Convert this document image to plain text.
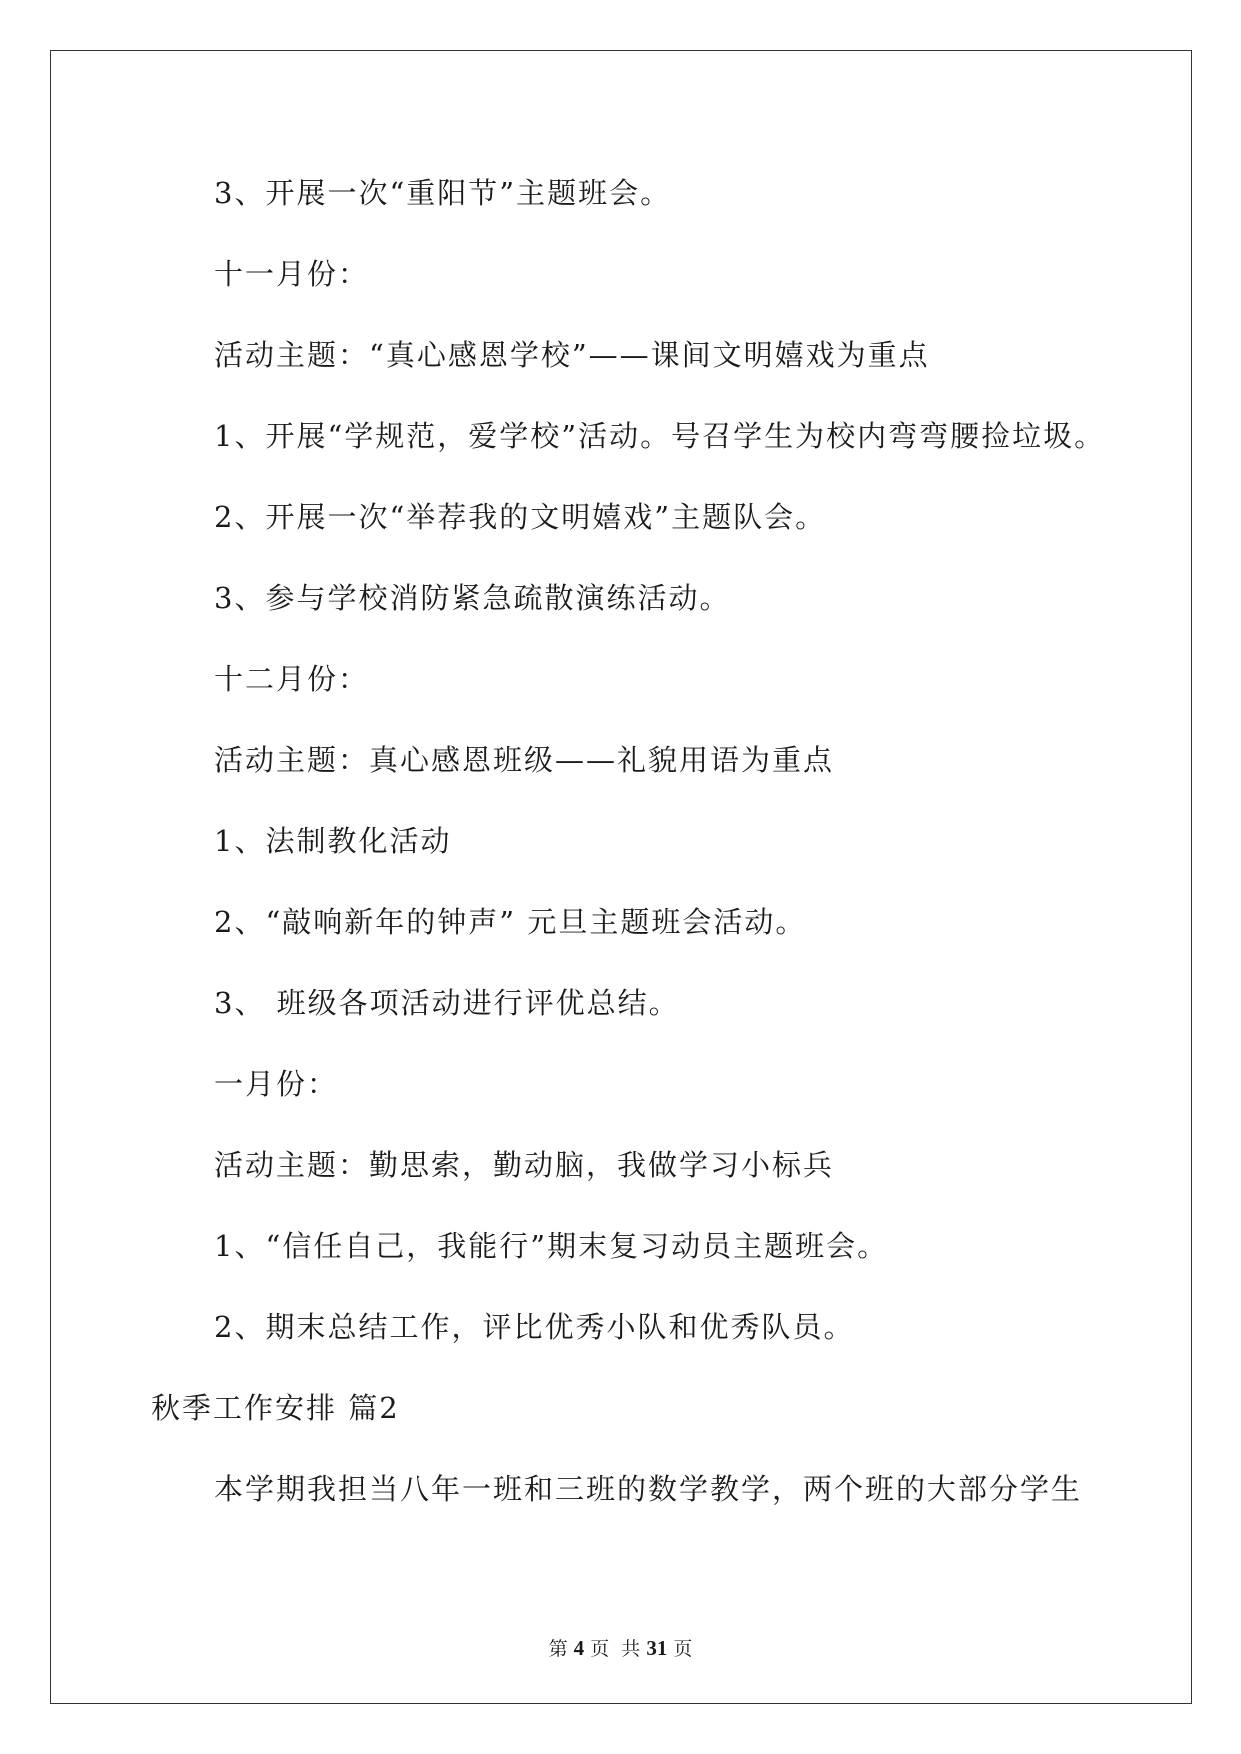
3、开展一次“重阳节”主题班会。
十一月份：
活动主题：“真心感恩学校”——课间文明嬉戏为重点
1、开展“学规范，爱学校”活动。号召学生为校内弯弯腰捡垃圾。
2、开展一次“举荐我的文明嬉戏”主题队会。
3、参与学校消防紧急疏散演练活动。
十二月份：
活动主题：真心感恩班级——礼貌用语为重点
1、法制教化活动
2、“敲响新年的钟声” 元旦主题班会活动。
3、 班级各项活动进行评优总结。
一月份：
活动主题：勤思索，勤动脑，我做学习小标兵
1、“信任自己，我能行”期末复习动员主题班会。
2、期末总结工作，评比优秀小队和优秀队员。
秋季工作安排 篇2
本学期我担当八年一班和三班的数学教学，两个班的大部分学生
第 4 页  共 31 页
